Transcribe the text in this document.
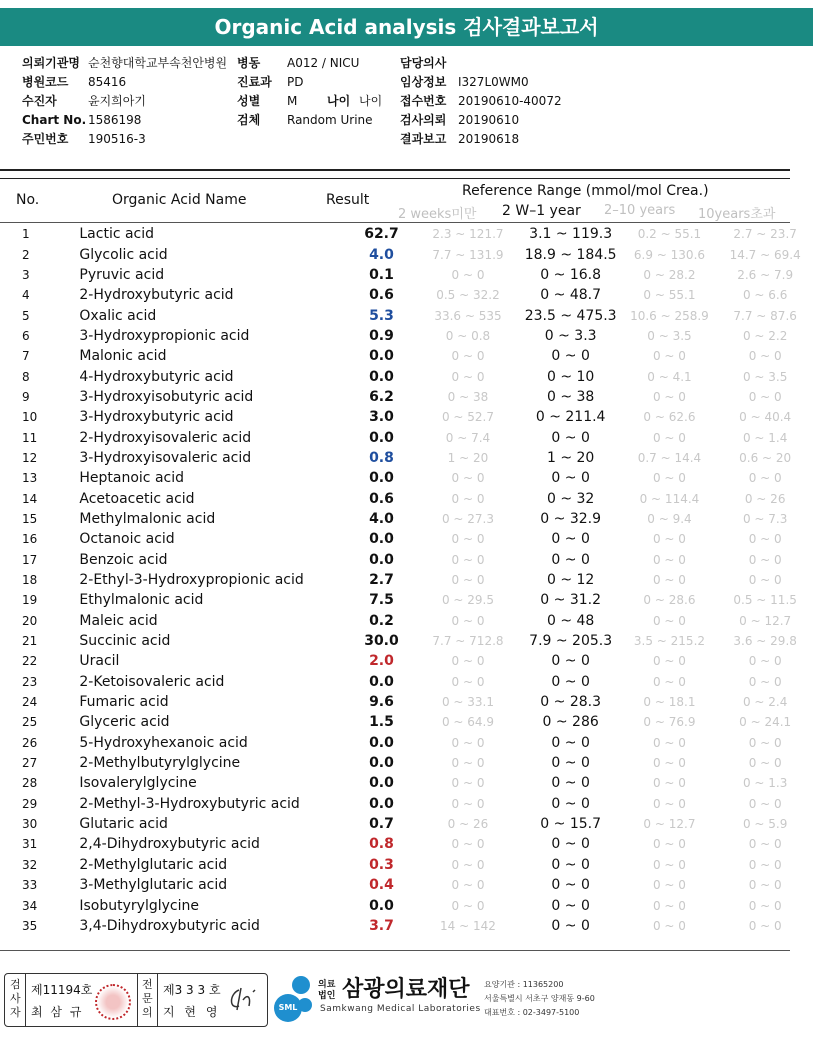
Organic Acid analysis 검사결과보고서
의뢰기관명 순천향대학교부속천안병원
병원코드 85416
수진자	윤지희아기
Chart No. 1586198
주민번호 190516-3
병동 A012 / NICU
진료과 PD
성별 M 나이 나이
검체 Random Urine
담당의사
임상정보 I327L0WM0
접수번호 20190610-40072
검사의뢰 20190610
결과보고 20190618
No.	Organic Acid Name	Result
Reference Range (mmol/mol Crea.)
2 weeks미만 2 W–1 year 2–10 years 10years초과
1	Lactic acid	62.7	2.3 ~ 121.7	3.1 ~ 119.3	0.2 ~ 55.1	2.7 ~ 23.7
2	Glycolic acid	4.0	7.7 ~ 131.9	18.9 ~ 184.5	6.9 ~ 130.6	14.7 ~ 69.4
3	Pyruvic acid	0.1	0 ~ 0	0 ~ 16.8	0 ~ 28.2	2.6 ~ 7.9
4	2-Hydroxybutyric acid	0.6	0.5 ~ 32.2	0 ~ 48.7	0 ~ 55.1	0 ~ 6.6
5	Oxalic acid	5.3	33.6 ~ 535	23.5 ~ 475.3	10.6 ~ 258.9	7.7 ~ 87.6
6	3-Hydroxypropionic acid	0.9	0 ~ 0.8	0 ~ 3.3	0 ~ 3.5	0 ~ 2.2
7	Malonic acid	0.0	0 ~ 0	0 ~ 0	0 ~ 0	0 ~ 0
8	4-Hydroxybutyric acid	0.0	0 ~ 0	0 ~ 10	0 ~ 4.1	0 ~ 3.5
9	3-Hydroxyisobutyric acid	6.2	0 ~ 38	0 ~ 38	0 ~ 0	0 ~ 0
10	3-Hydroxybutyric acid	3.0	0 ~ 52.7	0 ~ 211.4	0 ~ 62.6	0 ~ 40.4
11	2-Hydroxyisovaleric acid	0.0	0 ~ 7.4	0 ~ 0	0 ~ 0	0 ~ 1.4
12	3-Hydroxyisovaleric acid	0.8	1 ~ 20	1 ~ 20	0.7 ~ 14.4	0.6 ~ 20
13	Heptanoic acid	0.0	0 ~ 0	0 ~ 0	0 ~ 0	0 ~ 0
14	Acetoacetic acid	0.6	0 ~ 0	0 ~ 32	0 ~ 114.4	0 ~ 26
15	Methylmalonic acid	4.0	0 ~ 27.3	0 ~ 32.9	0 ~ 9.4	0 ~ 7.3
16	Octanoic acid	0.0	0 ~ 0	0 ~ 0	0 ~ 0	0 ~ 0
17	Benzoic acid	0.0	0 ~ 0	0 ~ 0	0 ~ 0	0 ~ 0
18	2-Ethyl-3-Hydroxypropionic acid	2.7	0 ~ 0	0 ~ 12	0 ~ 0	0 ~ 0
19	Ethylmalonic acid	7.5	0 ~ 29.5	0 ~ 31.2	0 ~ 28.6	0.5 ~ 11.5
20	Maleic acid	0.2	0 ~ 0	0 ~ 48	0 ~ 0	0 ~ 12.7
21	Succinic acid	30.0	7.7 ~ 712.8	7.9 ~ 205.3	3.5 ~ 215.2	3.6 ~ 29.8
22	Uracil	2.0	0 ~ 0	0 ~ 0	0 ~ 0	0 ~ 0
23	2-Ketoisovaleric acid	0.0	0 ~ 0	0 ~ 0	0 ~ 0	0 ~ 0
24	Fumaric acid	9.6	0 ~ 33.1	0 ~ 28.3	0 ~ 18.1	0 ~ 2.4
25	Glyceric acid	1.5	0 ~ 64.9	0 ~ 286	0 ~ 76.9	0 ~ 24.1
26	5-Hydroxyhexanoic acid	0.0	0 ~ 0	0 ~ 0	0 ~ 0	0 ~ 0
27	2-Methylbutyrylglycine	0.0	0 ~ 0	0 ~ 0	0 ~ 0	0 ~ 0
28	Isovalerylglycine	0.0	0 ~ 0	0 ~ 0	0 ~ 0	0 ~ 1.3
29	2-Methyl-3-Hydroxybutyric acid	0.0	0 ~ 0	0 ~ 0	0 ~ 0	0 ~ 0
30	Glutaric acid	0.7	0 ~ 26	0 ~ 15.7	0 ~ 12.7	0 ~ 5.9
31	2,4-Dihydroxybutyric acid	0.8	0 ~ 0	0 ~ 0	0 ~ 0	0 ~ 0
32	2-Methylglutaric acid	0.3	0 ~ 0	0 ~ 0	0 ~ 0	0 ~ 0
33	3-Methylglutaric acid	0.4	0 ~ 0	0 ~ 0	0 ~ 0	0 ~ 0
34	Isobutyrylglycine	0.0	0 ~ 0	0 ~ 0	0 ~ 0	0 ~ 0
35	3,4-Dihydroxybutyric acid	3.7	14 ~ 142	0 ~ 0	0 ~ 0	0 ~ 0
검사자
제11194호
최 삼 규
전문의
제3 3 3 호
지 현 영	SML
의료법인 삼광의료재단
Samkwang Medical Laboratories
요양기관 : 11365200
서울특별시 서초구 양재동 9-60
대표번호 : 02-3497-5100
